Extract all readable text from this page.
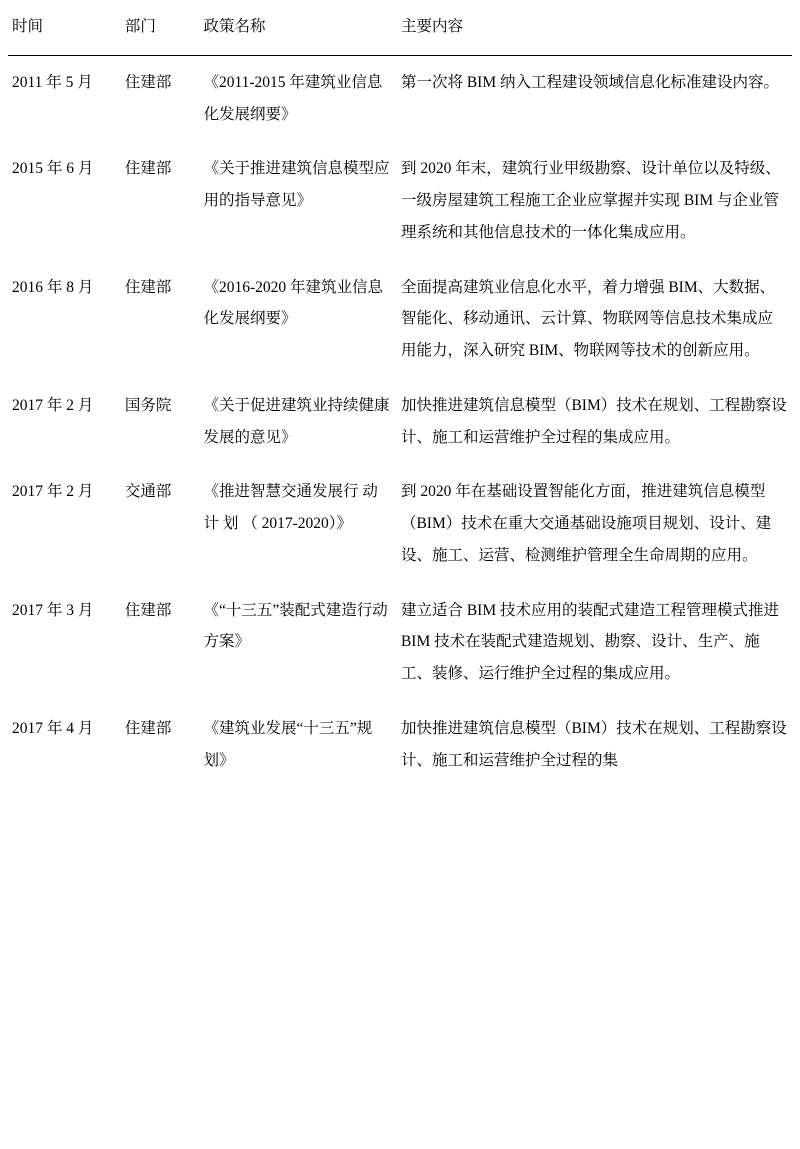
时间	部门	政策名称	主要内容
2011 年 5 月	住建部	《2011-2015 年建筑业信息化发展纲要》	第一次将 BIM 纳入工程建设领域信息化标准建设内容。
2015 年 6 月	住建部	《关于推进建筑信息模型应用的指导意见》	到 2020 年末，建筑行业甲级勘察、设计单位以及特级、一级房屋建筑工程施工企业应掌握并实现 BIM 与企业管理系统和其他信息技术的一体化集成应用。
2016 年 8 月	住建部	《2016-2020 年建筑业信息化发展纲要》	全面提高建筑业信息化水平，着力增强 BIM、大数据、智能化、移动通讯、云计算、物联网等信息技术集成应用能力，深入研究 BIM、物联网等技术的创新应用。
2017 年 2 月	国务院	《关于促进建筑业持续健康发展的意见》	加快推进建筑信息模型（BIM）技术在规划、工程勘察设计、施工和运营维护全过程的集成应用。
2017 年 2 月	交通部	《推进智慧交通发展行 动 计 划 （ 2017-2020）》	到 2020 年在基础设置智能化方面，推进建筑信息模型（BIM）技术在重大交通基础设施项目规划、设计、建设、施工、运营、检测维护管理全生命周期的应用。
2017 年 3 月	住建部	《“十三五”装配式建造行动方案》	建立适合 BIM 技术应用的装配式建造工程管理模式推进 BIM 技术在装配式建造规划、勘察、设计、生产、施工、装修、运行维护全过程的集成应用。
2017 年 4 月	住建部	《建筑业发展“十三五”规划》	加快推进建筑信息模型（BIM）技术在规划、工程勘察设计、施工和运营维护全过程的集
